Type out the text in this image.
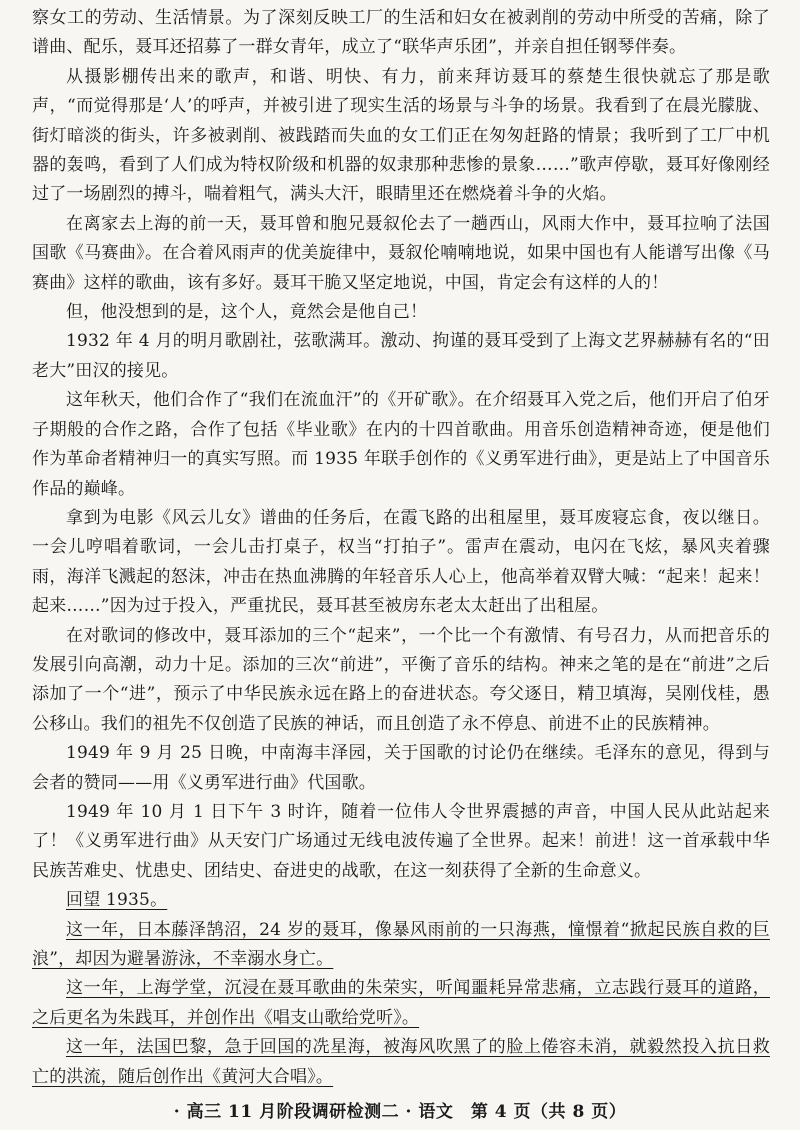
察女工的劳动、生活情景。为了深刻反映工厂的生活和妇女在被剥削的劳动中所受的苦痛，除了谱曲、配乐，聂耳还招募了一群女青年，成立了“联华声乐团”，并亲自担任钢琴伴奏。

从摄影棚传出来的歌声，和谐、明快、有力，前来拜访聂耳的蔡楚生很快就忘了那是歌声，“而觉得那是‘人’的呼声，并被引进了现实生活的场景与斗争的场景。我看到了在晨光朦胧、街灯暗淡的街头，许多被剥削、被践踏而失血的女工们正在匆匆赶路的情景；我听到了工厂中机器的轰鸣，看到了人们成为特权阶级和机器的奴隶那种悲惨的景象……”歌声停歇，聂耳好像刚经过了一场剧烈的搏斗，喘着粗气，满头大汗，眼睛里还在燃烧着斗争的火焰。

在离家去上海的前一天，聂耳曾和胞兄聂叙伦去了一趟西山，风雨大作中，聂耳拉响了法国国歌《马赛曲》。在合着风雨声的优美旋律中，聂叙伦喃喃地说，如果中国也有人能谱写出像《马赛曲》这样的歌曲，该有多好。聂耳干脆又坚定地说，中国，肯定会有这样的人的！

但，他没想到的是，这个人，竟然会是他自己！

1932 年 4 月的明月歌剧社，弦歌满耳。激动、拘谨的聂耳受到了上海文艺界赫赫有名的“田老大”田汉的接见。

这年秋天，他们合作了“我们在流血汗”的《开矿歌》。在介绍聂耳入党之后，他们开启了伯牙子期般的合作之路，合作了包括《毕业歌》在内的十四首歌曲。用音乐创造精神奇迹，便是他们作为革命者精神归一的真实写照。而 1935 年联手创作的《义勇军进行曲》，更是站上了中国音乐作品的巅峰。

拿到为电影《风云儿女》谱曲的任务后，在霞飞路的出租屋里，聂耳废寝忘食，夜以继日。一会儿哼唱着歌词，一会儿击打桌子，权当“打拍子”。雷声在震动，电闪在飞炫，暴风夹着骤雨，海洋飞溅起的怒沫，冲击在热血沸腾的年轻音乐人心上，他高举着双臂大喊：“起来！起来！起来……”因为过于投入，严重扰民，聂耳甚至被房东老太太赶出了出租屋。

在对歌词的修改中，聂耳添加的三个“起来”，一个比一个有激情、有号召力，从而把音乐的发展引向高潮，动力十足。添加的三次“前进”，平衡了音乐的结构。神来之笔的是在“前进”之后添加了一个“进”，预示了中华民族永远在路上的奋进状态。夸父逐日，精卫填海，吴刚伐桂，愚公移山。我们的祖先不仅创造了民族的神话，而且创造了永不停息、前进不止的民族精神。

1949 年 9 月 25 日晚，中南海丰泽园，关于国歌的讨论仍在继续。毛泽东的意见，得到与会者的赞同——用《义勇军进行曲》代国歌。

1949 年 10 月 1 日下午 3 时许，随着一位伟人令世界震撼的声音，中国人民从此站起来了！《义勇军进行曲》从天安门广场通过无线电波传遍了全世界。起来！前进！这一首承载中华民族苦难史、忧患史、团结史、奋进史的战歌，在这一刻获得了全新的生命意义。

回望 1935。

这一年，日本藤泽鹄沼，24 岁的聂耳，像暴风雨前的一只海燕，憧憬着“掀起民族自救的巨浪”，却因为避暑游泳，不幸溺水身亡。

这一年，上海学堂，沉浸在聂耳歌曲的朱荣实，听闻噩耗异常悲痛，立志践行聂耳的道路，之后更名为朱践耳，并创作出《唱支山歌给党听》。

这一年，法国巴黎，急于回国的冼星海，被海风吹黑了的脸上倦容未消，就毅然投入抗日救亡的洪流，随后创作出《黄河大合唱》。

· 高三 11 月阶段调研检测二 · 语文　第 4 页（共 8 页）
